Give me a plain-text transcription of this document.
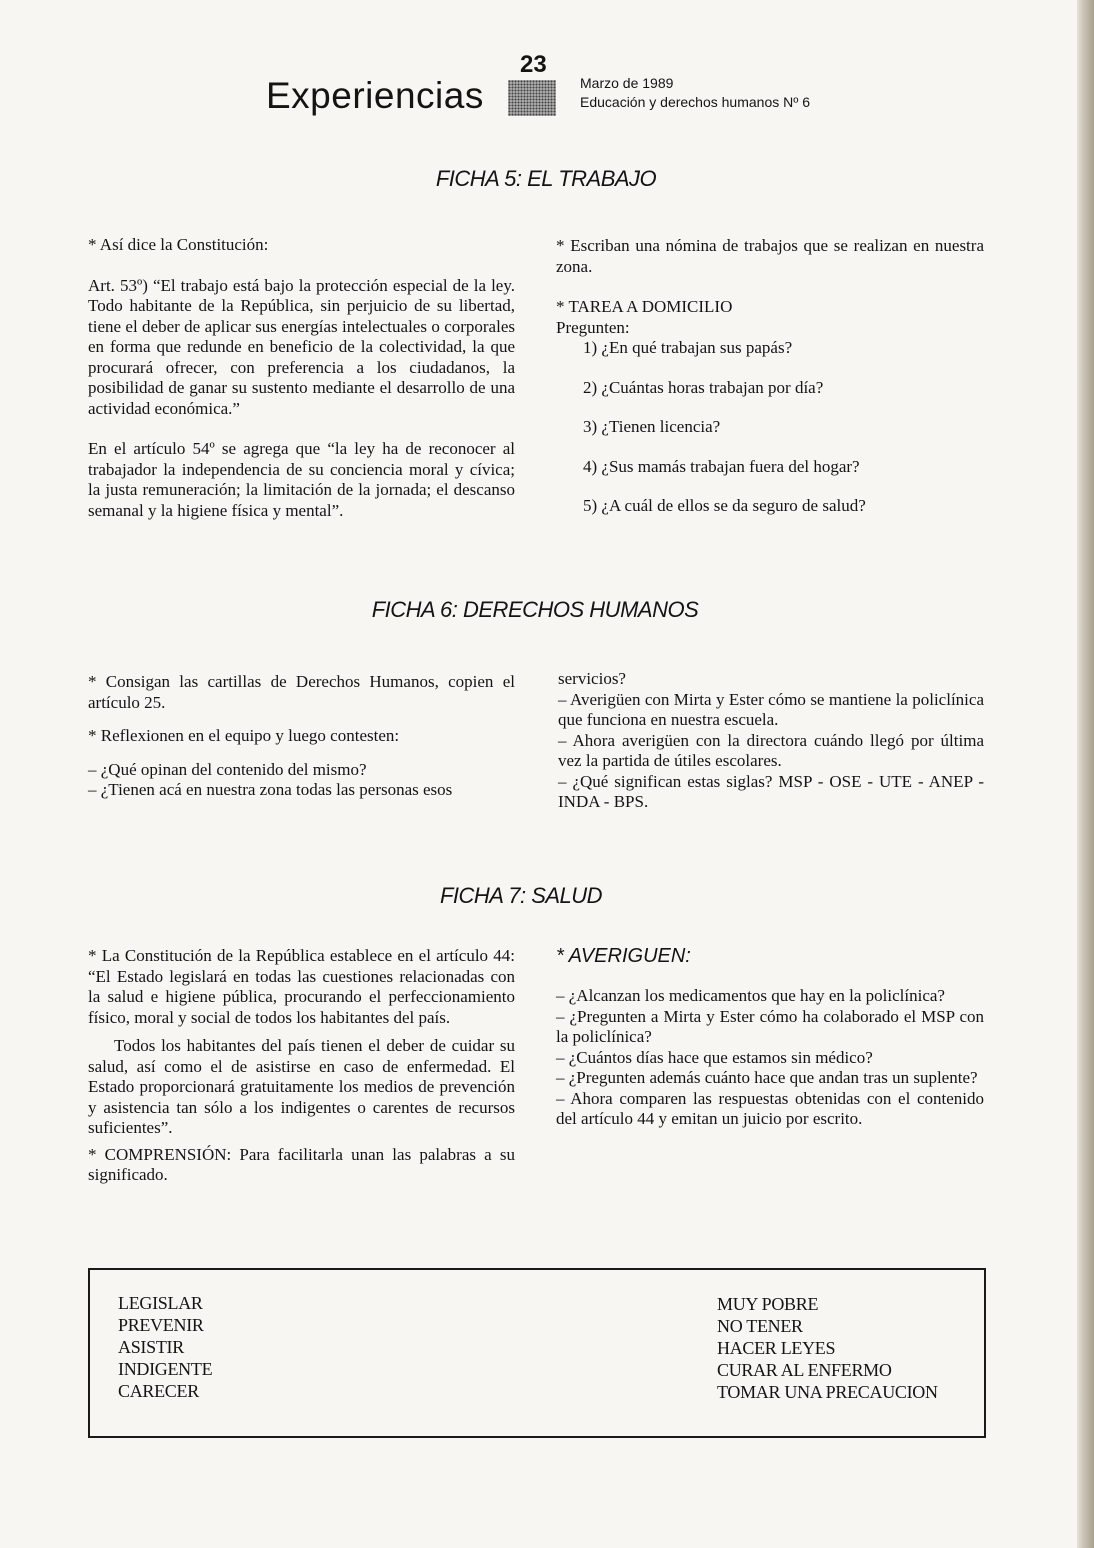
Experiencias
23
Marzo de 1989
Educación y derechos humanos Nº 6
FICHA 5: EL TRABAJO

* Así dice la Constitución:

Art. 53º) “El trabajo está bajo la protección especial de la ley. Todo habitante de la República, sin perjuicio de su libertad, tiene el deber de aplicar sus energías intelectuales o corporales en forma que redunde en beneficio de la colectividad, la que procurará ofrecer, con preferencia a los ciudadanos, la posibilidad de ganar su sustento mediante el desarrollo de una actividad económica.”

En el artículo 54º se agrega que “la ley ha de reconocer al trabajador la independencia de su conciencia moral y cívica; la justa remuneración; la limitación de la jornada; el descanso semanal y la higiene física y mental”.

* Escriban una nómina de trabajos que se realizan en nuestra zona.

* TAREA A DOMICILIO

Pregunten:

1) ¿En qué trabajan sus papás?
2) ¿Cuántas horas trabajan por día?
3) ¿Tienen licencia?
4) ¿Sus mamás trabajan fuera del hogar?
5) ¿A cuál de ellos se da seguro de salud?
FICHA 6: DERECHOS HUMANOS

* Consigan las cartillas de Derechos Humanos, copien el artículo 25.

* Reflexionen en el equipo y luego contesten:

– ¿Qué opinan del contenido del mismo?

– ¿Tienen acá en nuestra zona todas las personas esos

servicios?

– Averigüen con Mirta y Ester cómo se mantiene la policlínica que funciona en nuestra escuela.

– Ahora averigüen con la directora cuándo llegó por última vez la partida de útiles escolares.

– ¿Qué significan estas siglas? MSP - OSE - UTE - ANEP - INDA - BPS.

FICHA 7: SALUD

* La Constitución de la República establece en el artículo 44: “El Estado legislará en todas las cuestiones relacionadas con la salud e higiene pública, procurando el perfeccionamiento físico, moral y social de todos los habitantes del país.

Todos los habitantes del país tienen el deber de cuidar su salud, así como el de asistirse en caso de enfermedad. El Estado proporcionará gratuitamente los medios de prevención y asistencia tan sólo a los indigentes o carentes de recursos suficientes”.

* COMPRENSIÓN: Para facilitarla unan las palabras a su significado.

* AVERIGUEN:

– ¿Alcanzan los medicamentos que hay en la policlínica?

– ¿Pregunten a Mirta y Ester cómo ha colaborado el MSP con la policlínica?

– ¿Cuántos días hace que estamos sin médico?

– ¿Pregunten además cuánto hace que andan tras un suplente?

– Ahora comparen las respuestas obtenidas con el contenido del artículo 44 y emitan un juicio por escrito.

LEGISLAR
PREVENIR
ASISTIR
INDIGENTE
CARECER
MUY POBRE
NO TENER
HACER LEYES
CURAR AL ENFERMO
TOMAR UNA PRECAUCION
